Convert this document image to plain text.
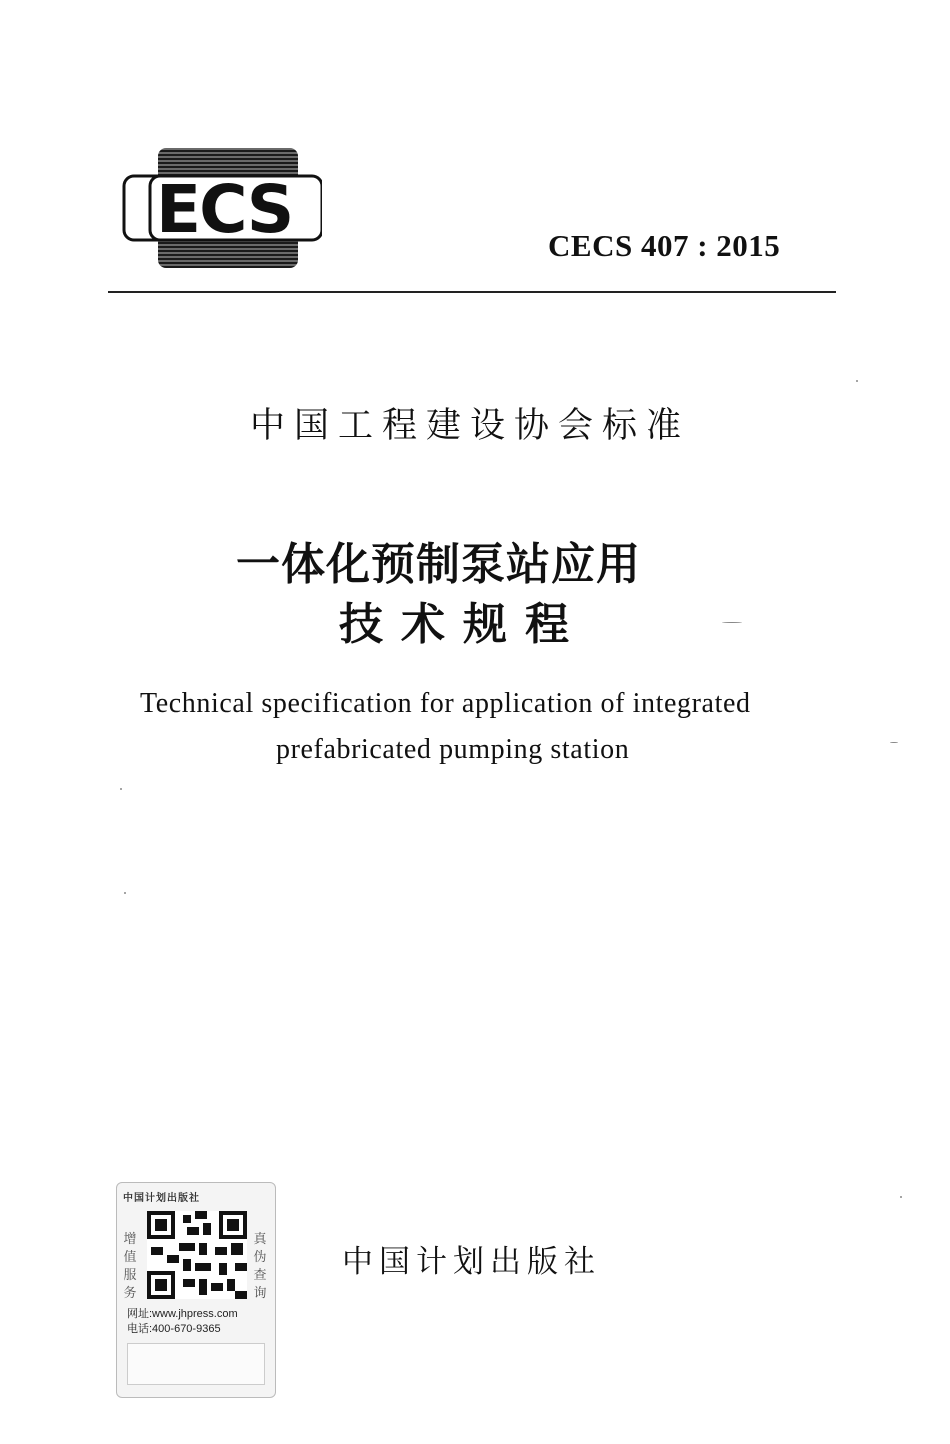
ECS	CECS 407 : 2015
中国工程建设协会标准
一体化预制泵站应用
技术规程
Technical specification for application of integrated
prefabricated pumping station
中国计划出版社
增值服务
真伪查询
网址:www.jhpress.com
电话:400-670-9365
中国计划出版社
